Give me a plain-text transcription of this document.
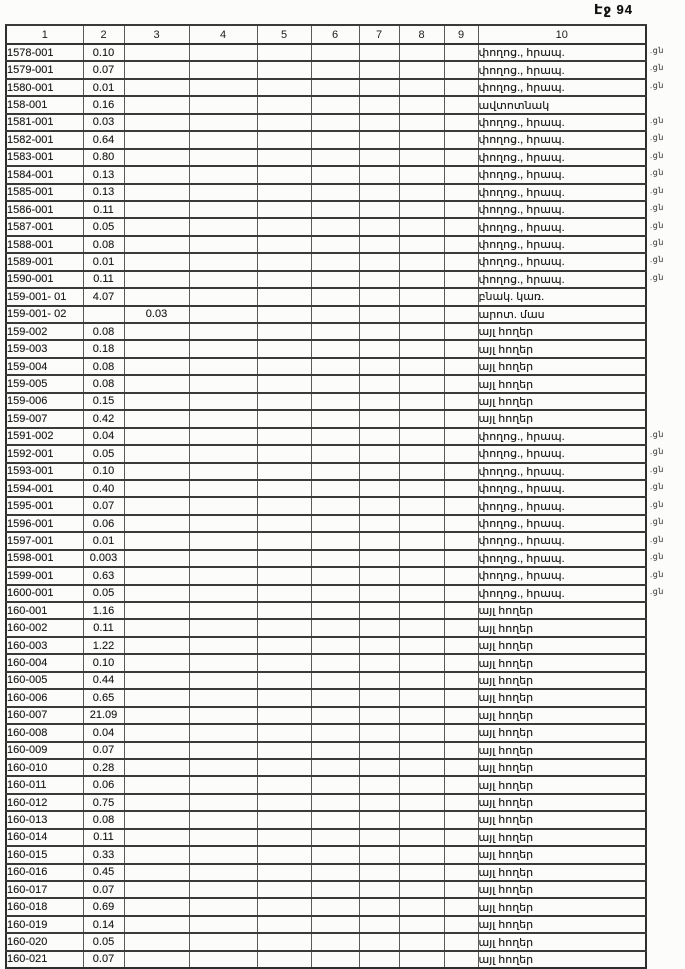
Էջ 94
1	2	3	4	5	6	7	8	9	10
1578-001	0.10								փողոց., հրապ.
1579-001	0.07								փողոց., հրապ.
1580-001	0.01								փողոց., հրապ.
158-001	0.16								ավտոտնակ
1581-001	0.03								փողոց., հրապ.
1582-001	0.64								փողոց., հրապ.
1583-001	0.80								փողոց., հրապ.
1584-001	0.13								փողոց., հրապ.
1585-001	0.13								փողոց., հրապ.
1586-001	0.11								փողոց., հրապ.
1587-001	0.05								փողոց., հրապ.
1588-001	0.08								փողոց., հրապ.
1589-001	0.01								փողոց., հրապ.
1590-001	0.11								փողոց., հրապ.
159-001- 01	4.07								բնակ. կառ.
159-001- 02		0.03							արոտ. մաս
159-002	0.08								այլ հողեր
159-003	0.18								այլ հողեր
159-004	0.08								այլ հողեր
159-005	0.08								այլ հողեր
159-006	0.15								այլ հողեր
159-007	0.42								այլ հողեր
1591-002	0.04								փողոց., հրապ.
1592-001	0.05								փողոց., հրապ.
1593-001	0.10								փողոց., հրապ.
1594-001	0.40								փողոց., հրապ.
1595-001	0.07								փողոց., հրապ.
1596-001	0.06								փողոց., հրապ.
1597-001	0.01								փողոց., հրապ.
1598-001	0.003								փողոց., հրապ.
1599-001	0.63								փողոց., հրապ.
1600-001	0.05								փողոց., հրապ.
160-001	1.16								այլ հողեր
160-002	0.11								այլ հողեր
160-003	1.22								այլ հողեր
160-004	0.10								այլ հողեր
160-005	0.44								այլ հողեր
160-006	0.65								այլ հողեր
160-007	21.09								այլ հողեր
160-008	0.04								այլ հողեր
160-009	0.07								այլ հողեր
160-010	0.28								այլ հողեր
160-011	0.06								այլ հողեր
160-012	0.75								այլ հողեր
160-013	0.08								այլ հողեր
160-014	0.11								այլ հողեր
160-015	0.33								այլ հողեր
160-016	0.45								այլ հողեր
160-017	0.07								այլ հողեր
160-018	0.69								այլ հողեր
160-019	0.14								այլ հողեր
160-020	0.05								այլ հողեր
160-021	0.07								այլ հողեր
.ցն
.ցն
.ցն
.ցն
.ցն
.ցն
.ցն
.ցն
.ցն
.ցն
.ցն
.ցն
.ցն
.ցն
.ցն
.ցն
.ցն
.ցն
.ցն
.ցն
.ցն
.ցն
.ցն
